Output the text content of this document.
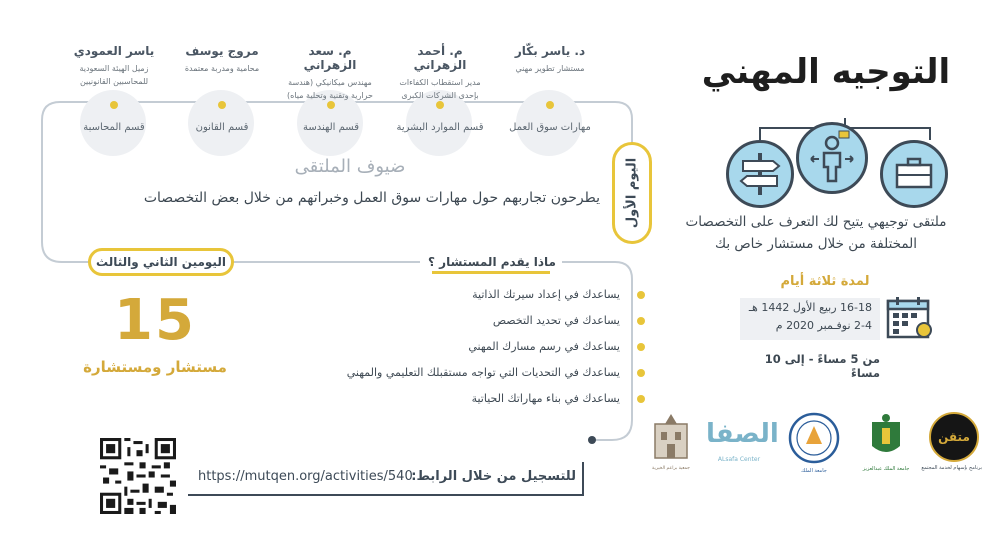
د. ياسر بكّار
مستشار تطوير مهني
م. أحمد الزهراني
مدير استقطاب الكفاءات بإحدى الشركات الكبرى
م. سعد الزهراني
مهندس ميكانيكي (هندسة حرارية وتقنية وتحلية مياه)
مروج يوسف
محامية ومدربة معتمدة
ياسر العمودي
زميل الهيئة السعودية للمحاسبين القانونيين
مهارات سوق العمل
قسم الموارد البشرية
قسم الهندسة
قسم القانون
قسم المحاسبة
اليوم الأول
ضيوف الملتقى
يطرحون تجاربهم حول مهارات سوق العمل وخبراتهم من خلال بعض التخصصات
اليومين الثاني والثالث
15
مستشار ومستشارة
ماذا يقدم المستشار ؟
يساعدك في إعداد سيرتك الذاتية
يساعدك في تحديد التخصص
يساعدك في رسم مسارك المهني
يساعدك في التحديات التي تواجه مستقبلك التعليمي والمهني
يساعدك في بناء مهاراتك الحياتية
للتسجيل من خلال الرابط:
https://mutqen.org/activities/540
التوجيه المهني
ملتقى توجيهي يتيح لك التعرف على التخصصات
المختلفة من خلال مستشار خاص بك
لمدة ثلاثة أيام
16-18 ربيع الأول 1442 هـ
2-4 نوفـمبر 2020 م
من 5 مساءً - إلى 10 مساءً
متقن
برنامج بإسهام لخدمة المجتمع
جامعة الملك عبدالعزيز
جامعة الملك
الصفا
ALsafa Center
جمعية براعم الخيرية
